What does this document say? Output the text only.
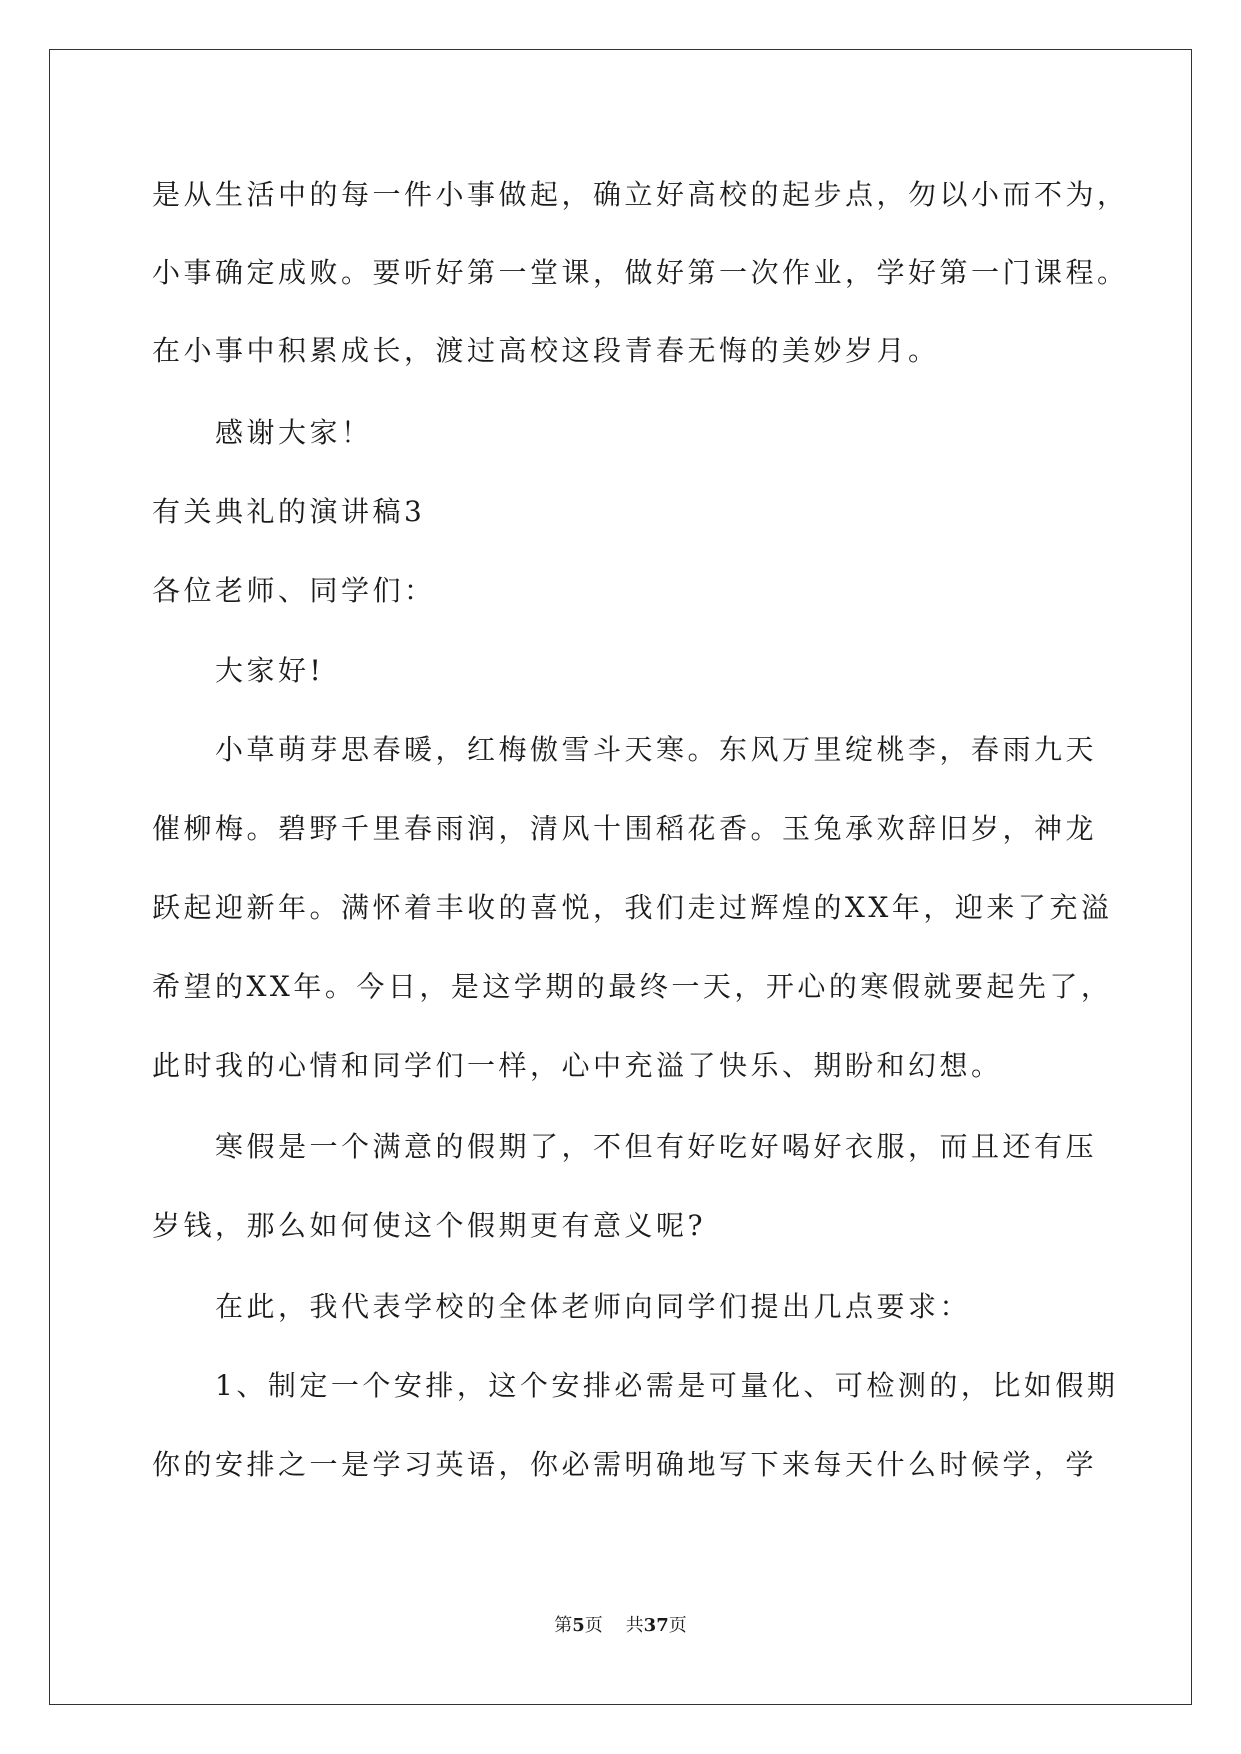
是从生活中的每一件小事做起，确立好高校的起步点，勿以小而不为，
小事确定成败。要听好第一堂课，做好第一次作业，学好第一门课程。
在小事中积累成长，渡过高校这段青春无悔的美妙岁月。
感谢大家！
有关典礼的演讲稿3
各位老师、同学们：
大家好!
小草萌芽思春暖，红梅傲雪斗天寒。东风万里绽桃李，春雨九天
催柳梅。碧野千里春雨润，清风十围稻花香。玉兔承欢辞旧岁，神龙
跃起迎新年。满怀着丰收的喜悦，我们走过辉煌的XX年，迎来了充溢
希望的XX年。今日，是这学期的最终一天，开心的寒假就要起先了，
此时我的心情和同学们一样，心中充溢了快乐、期盼和幻想。
寒假是一个满意的假期了，不但有好吃好喝好衣服，而且还有压
岁钱，那么如何使这个假期更有意义呢?
在此，我代表学校的全体老师向同学们提出几点要求：
1、制定一个安排，这个安排必需是可量化、可检测的，比如假期
你的安排之一是学习英语，你必需明确地写下来每天什么时候学，学
第5页 共37页
